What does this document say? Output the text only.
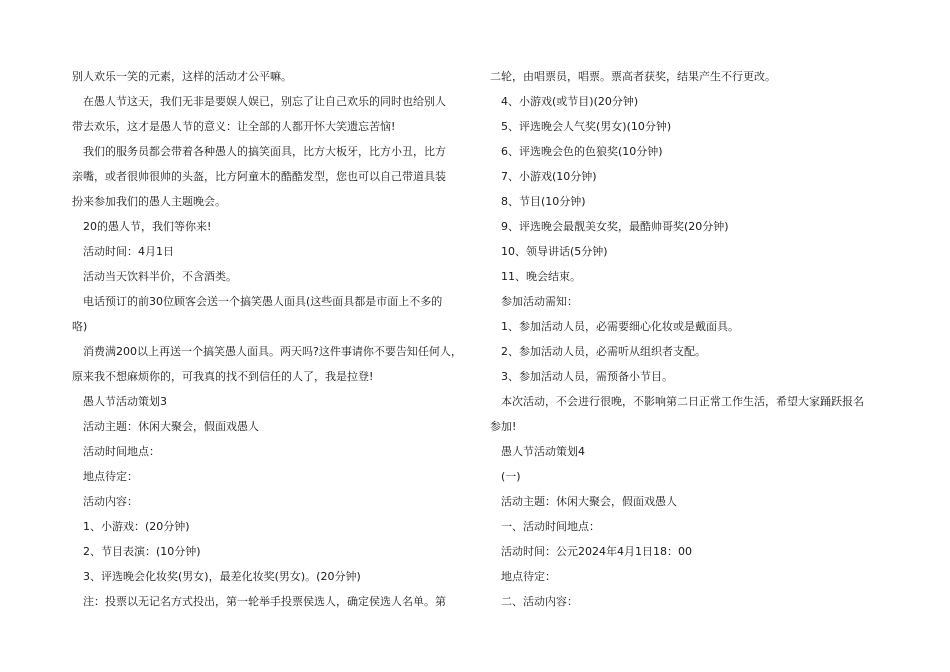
别人欢乐一笑的元素，这样的活动才公平嘛。

在愚人节这天，我们无非是要娱人娱已，别忘了让自己欢乐的同时也给别人

带去欢乐，这才是愚人节的意义：让全部的人都开怀大笑遗忘苦恼!

我们的服务员都会带着各种愚人的搞笑面具，比方大板牙，比方小丑，比方

亲嘴，或者很帅很帅的头盔，比方阿童木的酷酷发型，您也可以自己带道具装

扮来参加我们的愚人主题晚会。

20的愚人节，我们等你来!

活动时间：4月1日

活动当天饮料半价，不含酒类。

电话预订的前30位顾客会送一个搞笑愚人面具(这些面具都是市面上不多的

咯)

消费满200以上再送一个搞笑愚人面具。两天吗?这件事请你不要告知任何人，

原来我不想麻烦你的，可我真的找不到信任的人了，我是拉登!

愚人节活动策划3

活动主题：休闲大聚会，假面戏愚人

活动时间地点：

地点待定：

活动内容：

1、小游戏：(20分钟)

2、节目表演：(10分钟)

3、评选晚会化妆奖(男女)，最差化妆奖(男女)。(20分钟)

注：投票以无记名方式投出，第一轮举手投票侯选人，确定侯选人名单。第

二轮，由唱票员，唱票。票高者获奖，结果产生不行更改。

4、小游戏(或节目)(20分钟)

5、评选晚会人气奖(男女)(10分钟)

6、评选晚会色的色狼奖(10分钟)

7、小游戏(10分钟)

8、节目(10分钟)

9、评选晚会最靓美女奖，最酷帅哥奖(20分钟)

10、领导讲话(5分钟)

11、晚会结束。

参加活动需知：

1、参加活动人员，必需要细心化妆或是戴面具。

2、参加活动人员，必需听从组织者支配。

3、参加活动人员，需预备小节目。

本次活动，不会进行很晚，不影响第二日正常工作生活，希望大家踊跃报名

参加!

愚人节活动策划4

(一)

活动主题：休闲大聚会，假面戏愚人

一、活动时间地点：

活动时间：公元2024年4月1日18：00

地点待定：

二、活动内容：
